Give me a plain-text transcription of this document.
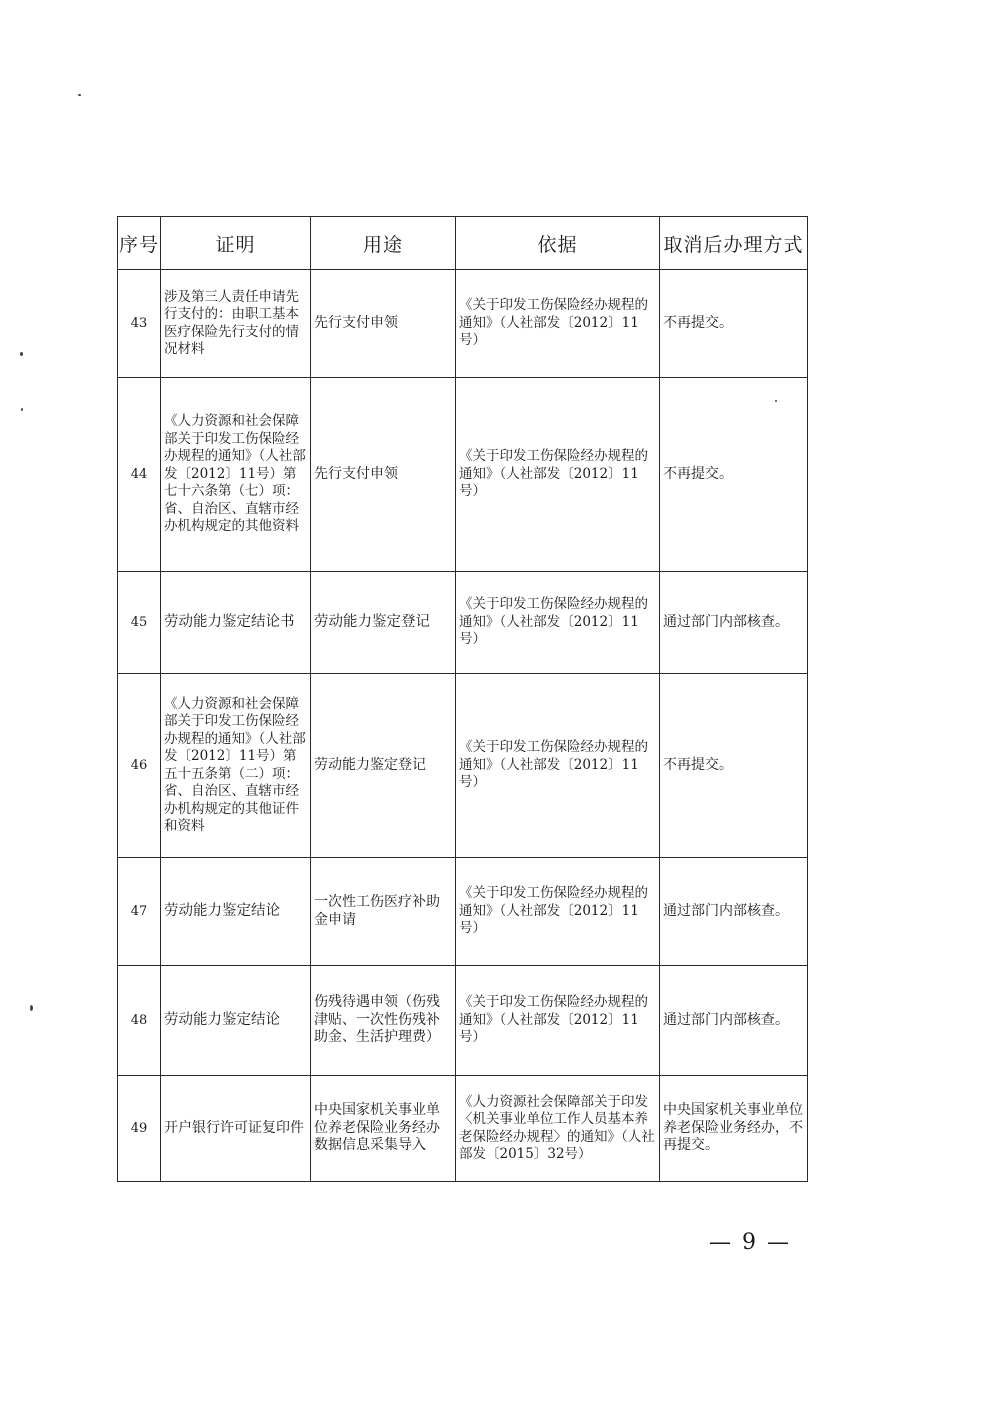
序号	证明	用途	依据	取消后办理方式
43	涉及第三人责任申请先行支付的：由职工基本医疗保险先行支付的情况材料	先行支付申领	《关于印发工伤保险经办规程的通知》（人社部发〔2012〕11号）	不再提交。
44	《人力资源和社会保障部关于印发工伤保险经办规程的通知》（人社部发〔2012〕11号）第七十六条第（七）项：省、自治区、直辖市经办机构规定的其他资料	先行支付申领	《关于印发工伤保险经办规程的通知》（人社部发〔2012〕11号）	不再提交。
45	劳动能力鉴定结论书	劳动能力鉴定登记	《关于印发工伤保险经办规程的通知》（人社部发〔2012〕11号）	通过部门内部核查。
46	《人力资源和社会保障部关于印发工伤保险经办规程的通知》（人社部发〔2012〕11号）第五十五条第（二）项：省、自治区、直辖市经办机构规定的其他证件和资料	劳动能力鉴定登记	《关于印发工伤保险经办规程的通知》（人社部发〔2012〕11号）	不再提交。
47	劳动能力鉴定结论	一次性工伤医疗补助金申请	《关于印发工伤保险经办规程的通知》（人社部发〔2012〕11号）	通过部门内部核查。
48	劳动能力鉴定结论	伤残待遇申领（伤残津贴、一次性伤残补助金、生活护理费）	《关于印发工伤保险经办规程的通知》（人社部发〔2012〕11号）	通过部门内部核查。
49	开户银行许可证复印件	中央国家机关事业单位养老保险业务经办数据信息采集导入	《人力资源社会保障部关于印发〈机关事业单位工作人员基本养老保险经办规程〉的通知》（人社部发〔2015〕32号）	中央国家机关事业单位养老保险业务经办，不再提交。
— 9 —
